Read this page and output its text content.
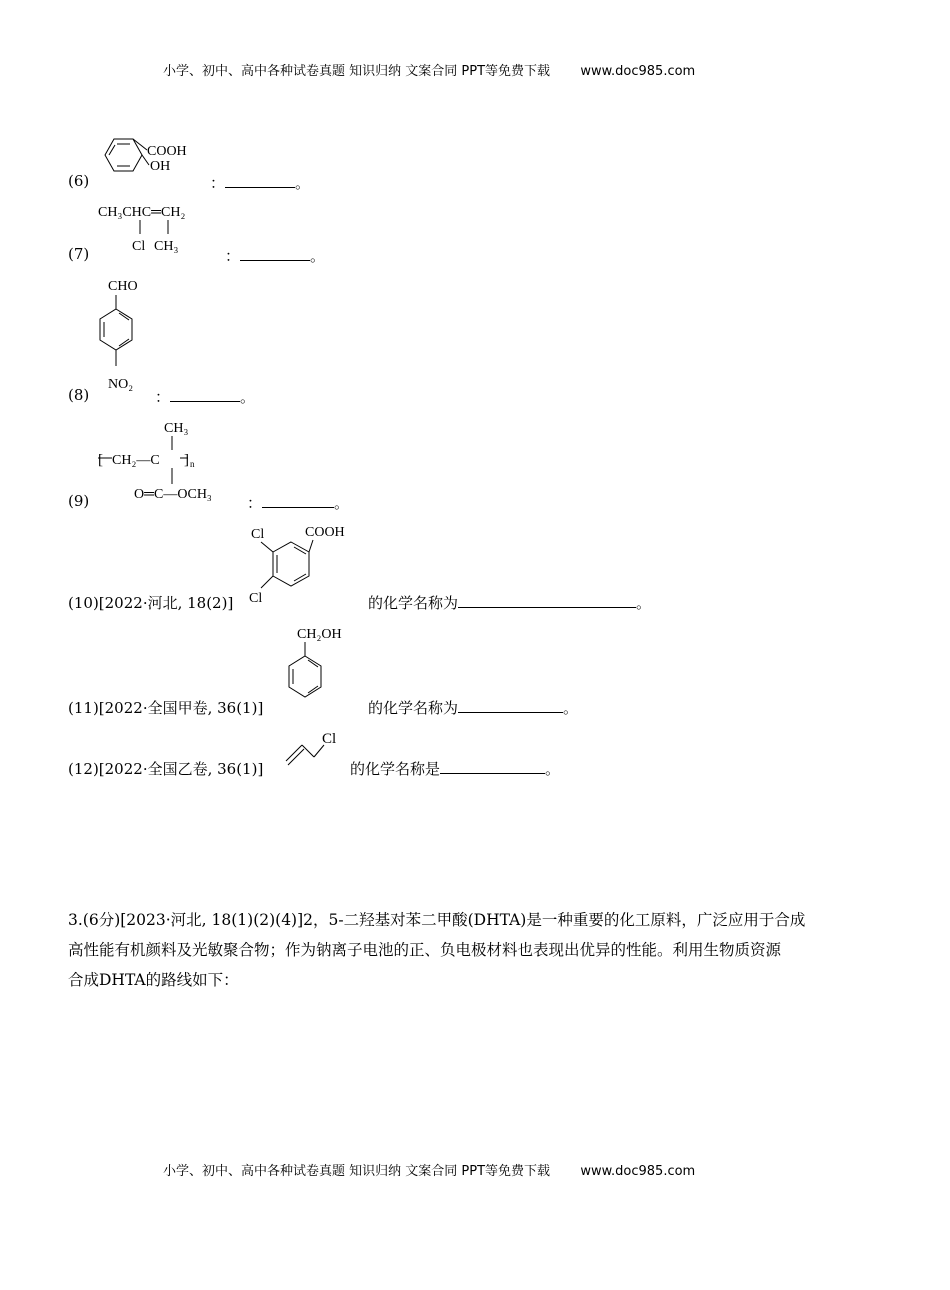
小学、初中、高中各种试卷真题 知识归纳 文案合同 PPT等免费下载 www.doc985.com
(6)
COOH
OH
：	。
(7)
CH₃CHC═CH₂
Cl CH₃
：	。
(8)
CHO
NO₂
：	。
(9)
CH₃
[ CH₂—C ] n
O═C—OCH₃ ：	。
(10)[2022·河北, 18(2)]
Cl	COOH
Cl	的化学名称为	。
(11)[2022·全国甲卷, 36(1)]
CH₂OH
的化学名称为	。
(12)[2022·全国乙卷, 36(1)]
Cl
的化学名称是	。
3.(6分)[2023·河北, 18(1)(2)(4)]2，5-二羟基对苯二甲酸(DHTA)是一种重要的化工原料，广泛应用于合成
高性能有机颜料及光敏聚合物；作为钠离子电池的正、负电极材料也表现出优异的性能。利用生物质资源
合成DHTA的路线如下：
小学、初中、高中各种试卷真题 知识归纳 文案合同 PPT等免费下载 www.doc985.com
